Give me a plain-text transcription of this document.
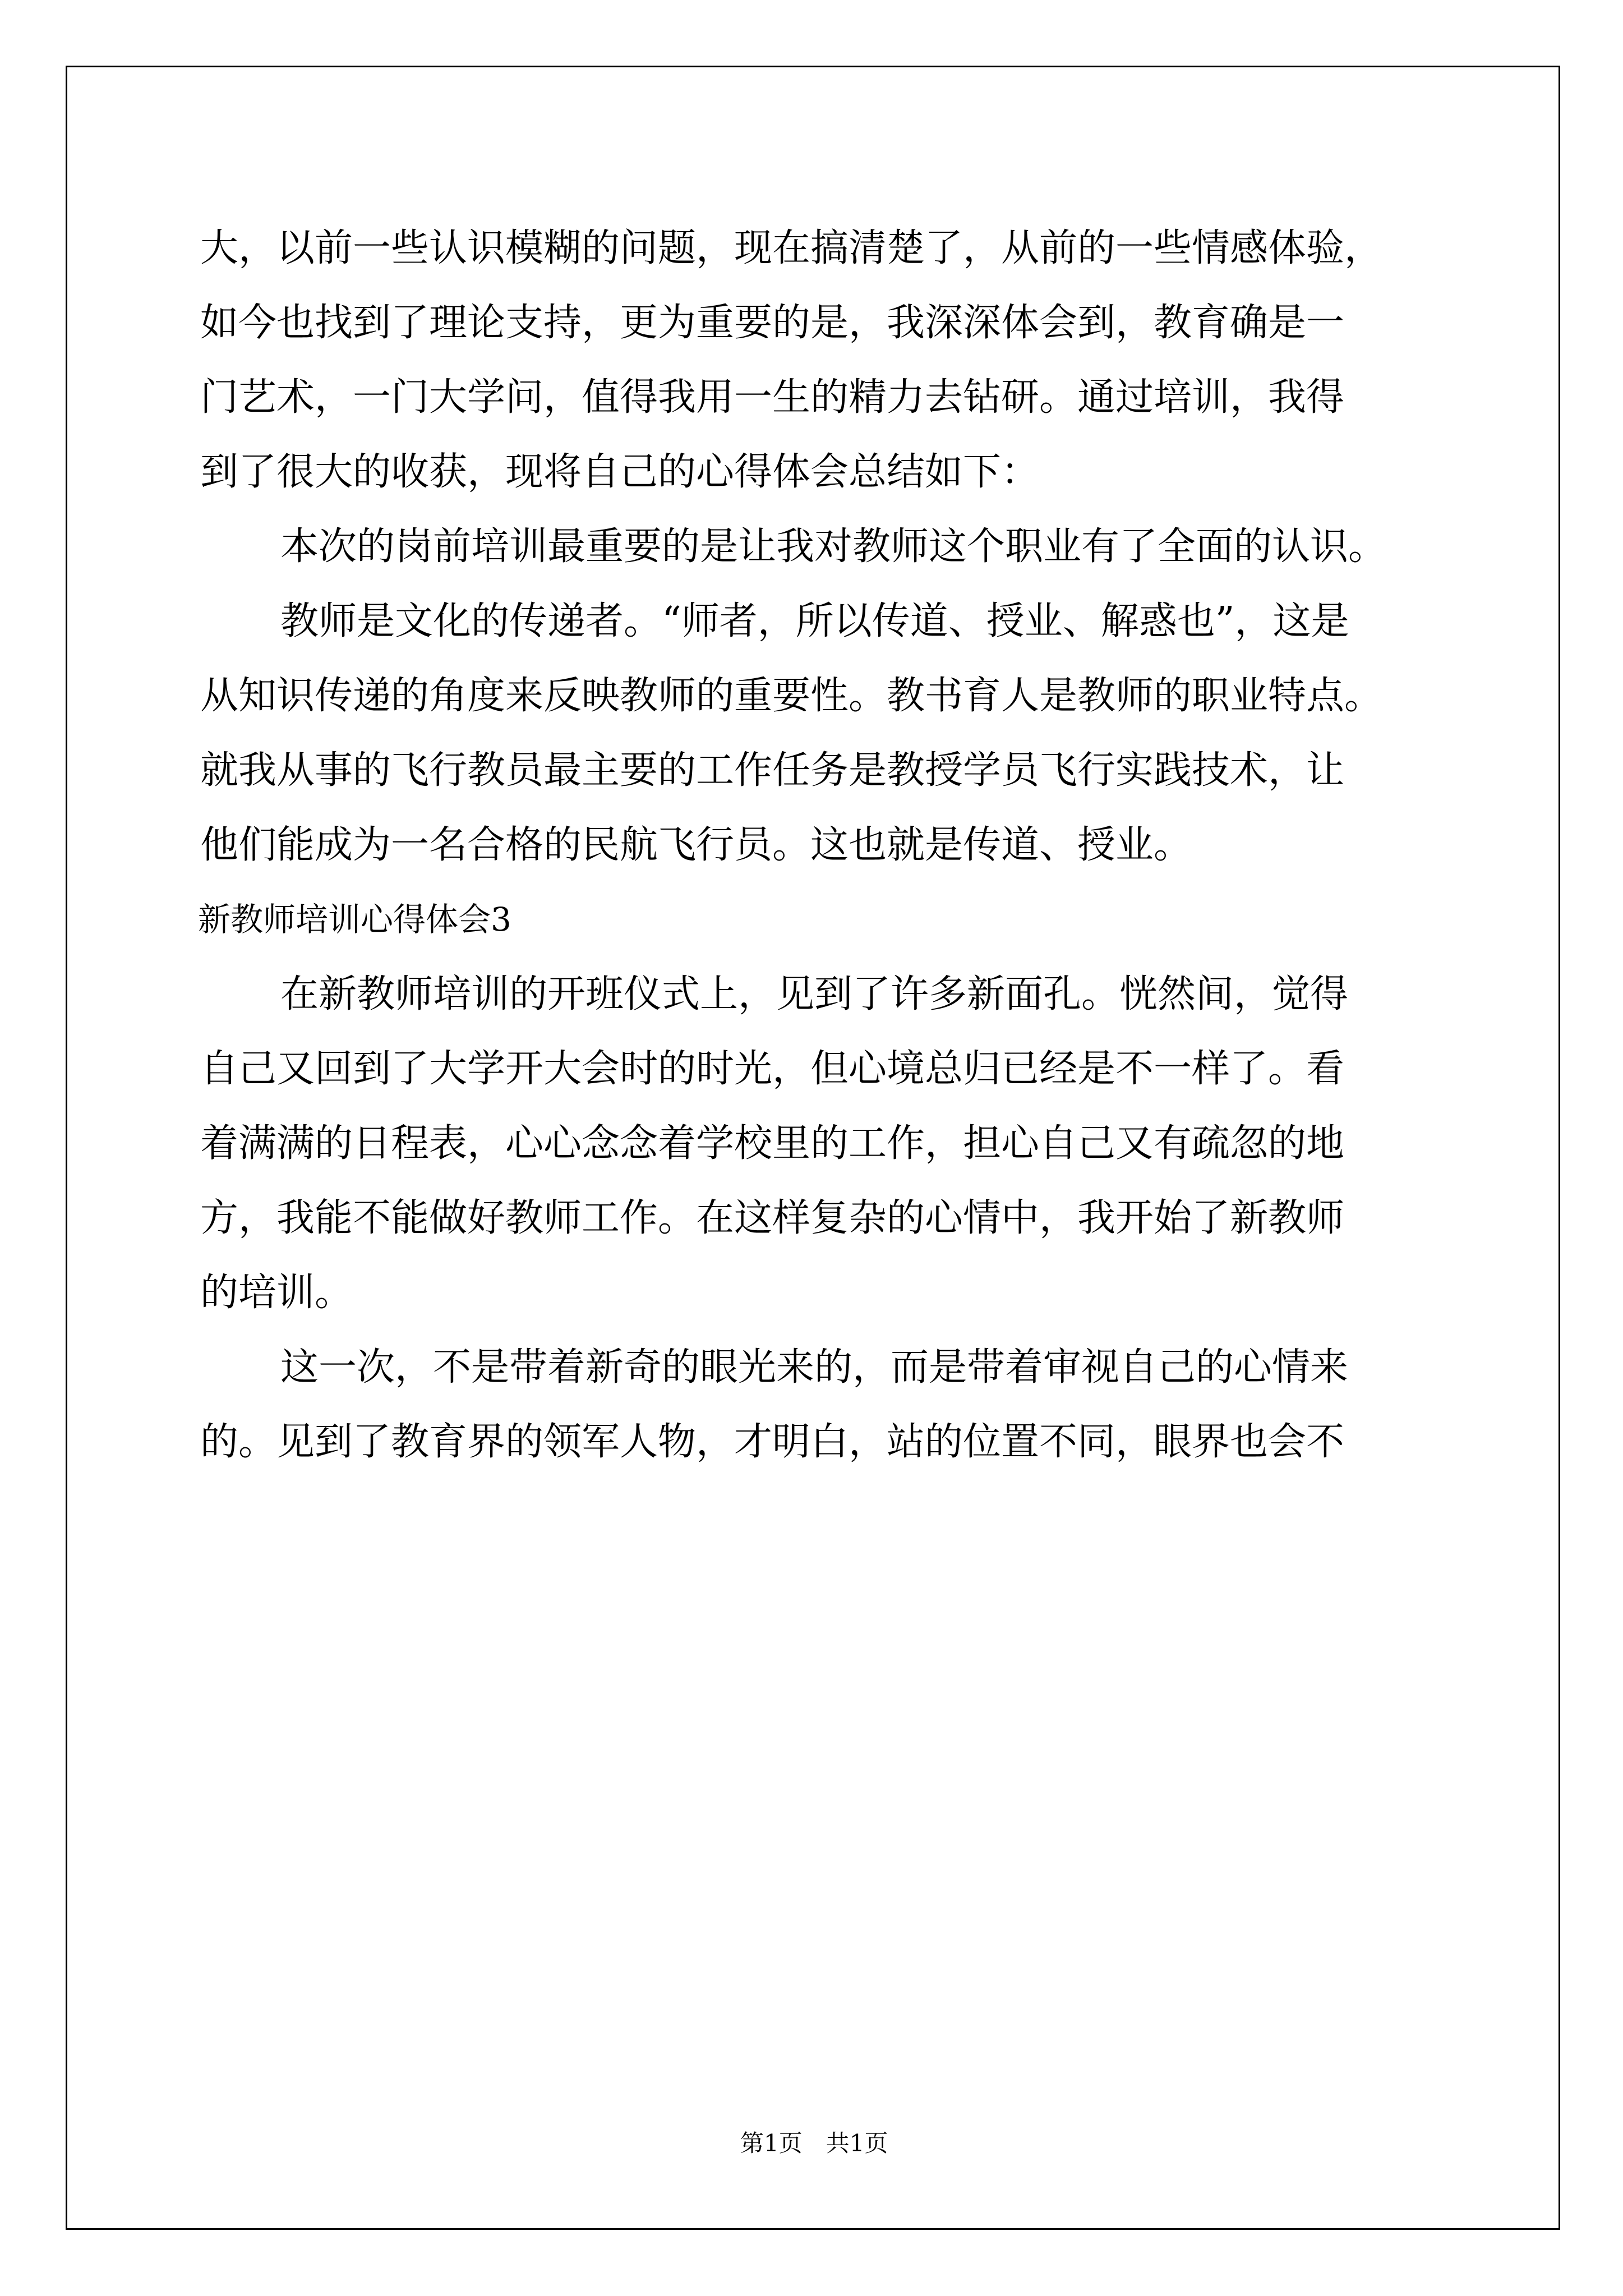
大，以前一些认识模糊的问题，现在搞清楚了，从前的一些情感体验，
如今也找到了理论支持，更为重要的是，我深深体会到，教育确是一
门艺术，一门大学问，值得我用一生的精力去钻研。通过培训，我得
到了很大的收获，现将自己的心得体会总结如下：
本次的岗前培训最重要的是让我对教师这个职业有了全面的认识。
教师是文化的传递者。“师者，所以传道、授业、解惑也”，这是
从知识传递的角度来反映教师的重要性。教书育人是教师的职业特点。
就我从事的飞行教员最主要的工作任务是教授学员飞行实践技术，让
他们能成为一名合格的民航飞行员。这也就是传道、授业。
新教师培训心得体会3
在新教师培训的开班仪式上，见到了许多新面孔。恍然间，觉得
自己又回到了大学开大会时的时光，但心境总归已经是不一样了。看
着满满的日程表，心心念念着学校里的工作，担心自己又有疏忽的地
方，我能不能做好教师工作。在这样复杂的心情中，我开始了新教师
的培训。
这一次，不是带着新奇的眼光来的，而是带着审视自己的心情来
的。见到了教育界的领军人物，才明白，站的位置不同，眼界也会不
第1页　共1页
